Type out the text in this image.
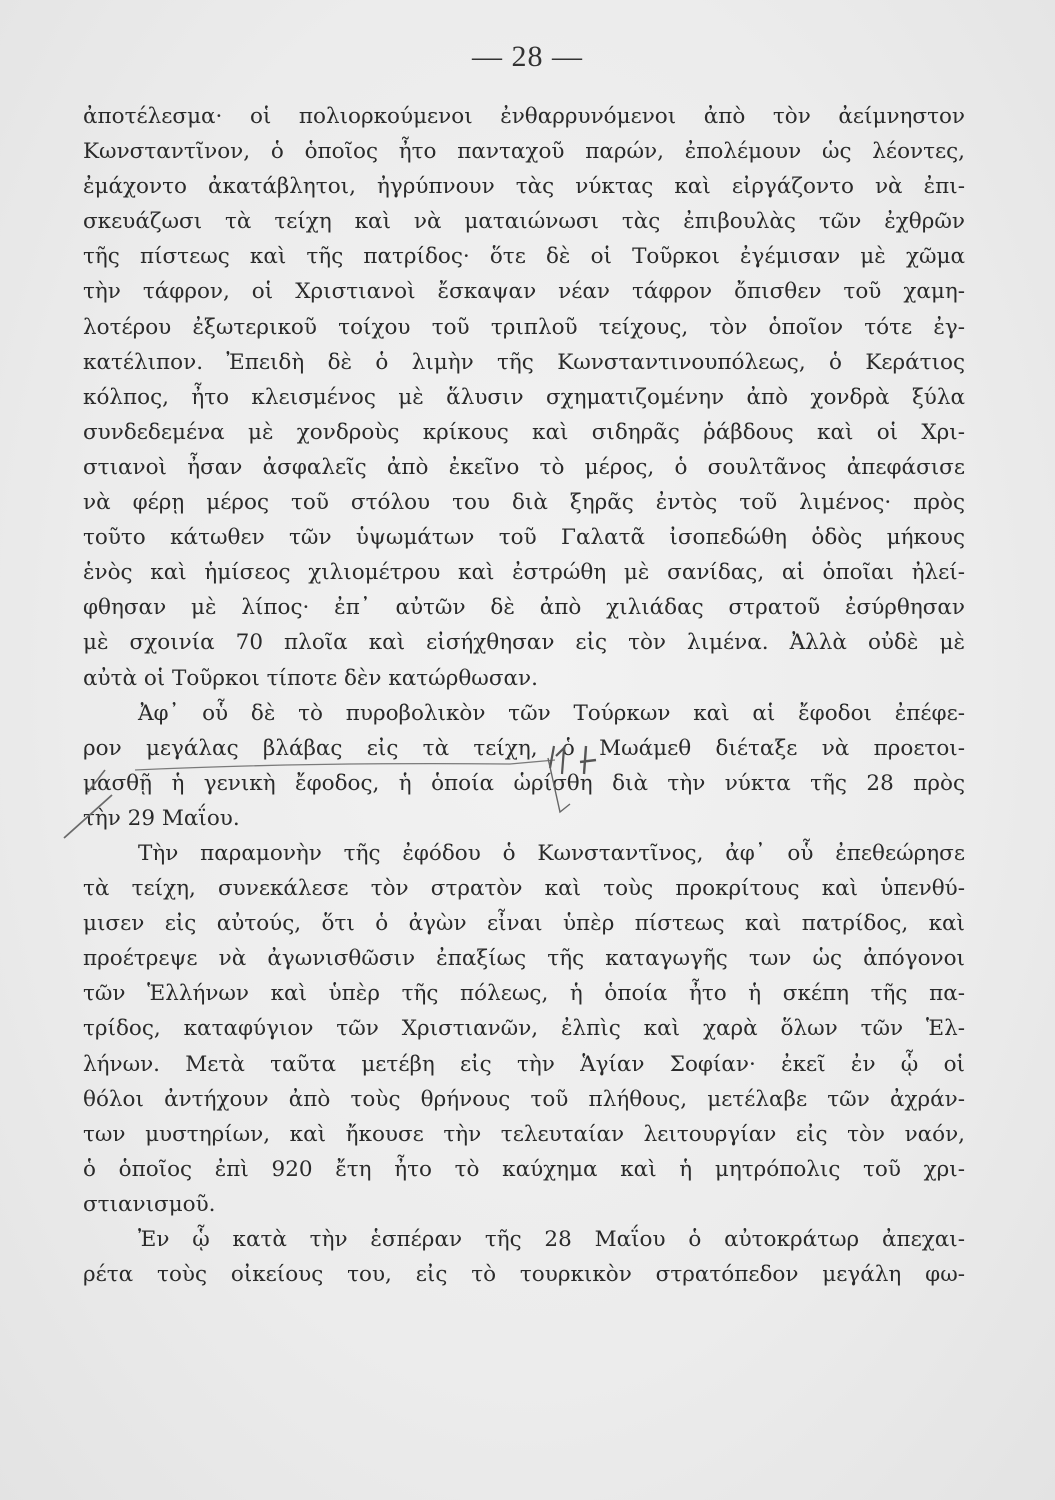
— 28 —
ἀποτέλεσμα· οἱ πολιορκούμενοι ἐνθαρρυνόμενοι ἀπὸ τὸν ἀείμνηστον
Κωνσταντῖνον, ὁ ὁποῖος ἦτο πανταχοῦ παρών, ἐπολέμουν ὡς λέοντες,
ἐμάχοντο ἀκατάβλητοι, ἠγρύπνουν τὰς νύκτας καὶ εἰργάζοντο νὰ ἐπι-
σκευάζωσι τὰ τείχη καὶ νὰ ματαιώνωσι τὰς ἐπιβουλὰς τῶν ἐχθρῶν
τῆς πίστεως καὶ τῆς πατρίδος· ὅτε δὲ οἱ Τοῦρκοι ἐγέμισαν μὲ χῶμα
τὴν τάφρον, οἱ Χριστιανοὶ ἔσκαψαν νέαν τάφρον ὄπισθεν τοῦ χαμη-
λοτέρου ἐξωτερικοῦ τοίχου τοῦ τριπλοῦ τείχους, τὸν ὁποῖον τότε ἐγ-
κατέλιπον. Ἐπειδὴ δὲ ὁ λιμὴν τῆς Κωνσταντινουπόλεως, ὁ Κεράτιος
κόλπος, ἦτο κλεισμένος μὲ ἅλυσιν σχηματιζομένην ἀπὸ χονδρὰ ξύλα
συνδεδεμένα μὲ χονδροὺς κρίκους καὶ σιδηρᾶς ῥάβδους καὶ οἱ Χρι-
στιανοὶ ἦσαν ἀσφαλεῖς ἀπὸ ἐκεῖνο τὸ μέρος, ὁ σουλτᾶνος ἀπεφάσισε
νὰ φέρῃ μέρος τοῦ στόλου του διὰ ξηρᾶς ἐντὸς τοῦ λιμένος· πρὸς
τοῦτο κάτωθεν τῶν ὑψωμάτων τοῦ Γαλατᾶ ἰσοπεδώθη ὁδὸς μήκους
ἑνὸς καὶ ἡμίσεος χιλιομέτρου καὶ ἐστρώθη μὲ σανίδας, αἱ ὁποῖαι ἠλεί-
φθησαν μὲ λίπος· ἐπ᾿ αὐτῶν δὲ ἀπὸ χιλιάδας στρατοῦ ἐσύρθησαν
μὲ σχοινία 70 πλοῖα καὶ εἰσήχθησαν εἰς τὸν λιμένα. Ἀλλὰ οὐδὲ μὲ
αὐτὰ οἱ Τοῦρκοι τίποτε δὲν κατώρθωσαν.
Ἀφ᾿ οὗ δὲ τὸ πυροβολικὸν τῶν Τούρκων καὶ αἱ ἔφοδοι ἐπέφε-
ρον μεγάλας βλάβας εἰς τὰ τείχη, ὁ Μωάμεθ διέταξε νὰ προετοι-
μασθῇ ἡ γενικὴ ἔφοδος, ἡ ὁποία ὡρίσθη διὰ τὴν νύκτα τῆς 28 πρὸς
τὴν 29 Μαΐου.
Τὴν παραμονὴν τῆς ἐφόδου ὁ Κωνσταντῖνος, ἀφ᾿ οὗ ἐπεθεώρησε
τὰ τείχη, συνεκάλεσε τὸν στρατὸν καὶ τοὺς προκρίτους καὶ ὑπενθύ-
μισεν εἰς αὐτούς, ὅτι ὁ ἀγὼν εἶναι ὑπὲρ πίστεως καὶ πατρίδος, καὶ
προέτρεψε νὰ ἀγωνισθῶσιν ἐπαξίως τῆς καταγωγῆς των ὡς ἀπόγονοι
τῶν Ἑλλήνων καὶ ὑπὲρ τῆς πόλεως, ἡ ὁποία ἦτο ἡ σκέπη τῆς πα-
τρίδος, καταφύγιον τῶν Χριστιανῶν, ἐλπὶς καὶ χαρὰ ὅλων τῶν Ἑλ-
λήνων. Μετὰ ταῦτα μετέβη εἰς τὴν Ἁγίαν Σοφίαν· ἐκεῖ ἐν ᾧ οἱ
θόλοι ἀντήχουν ἀπὸ τοὺς θρήνους τοῦ πλήθους, μετέλαβε τῶν ἀχράν-
των μυστηρίων, καὶ ἤκουσε τὴν τελευταίαν λειτουργίαν εἰς τὸν ναόν,
ὁ ὁποῖος ἐπὶ 920 ἔτη ἦτο τὸ καύχημα καὶ ἡ μητρόπολις τοῦ χρι-
στιανισμοῦ.
Ἐν ᾧ κατὰ τὴν ἑσπέραν τῆς 28 Μαΐου ὁ αὐτοκράτωρ ἀπεχαι-
ρέτα τοὺς οἰκείους του, εἰς τὸ τουρκικὸν στρατόπεδον μεγάλη φω-
